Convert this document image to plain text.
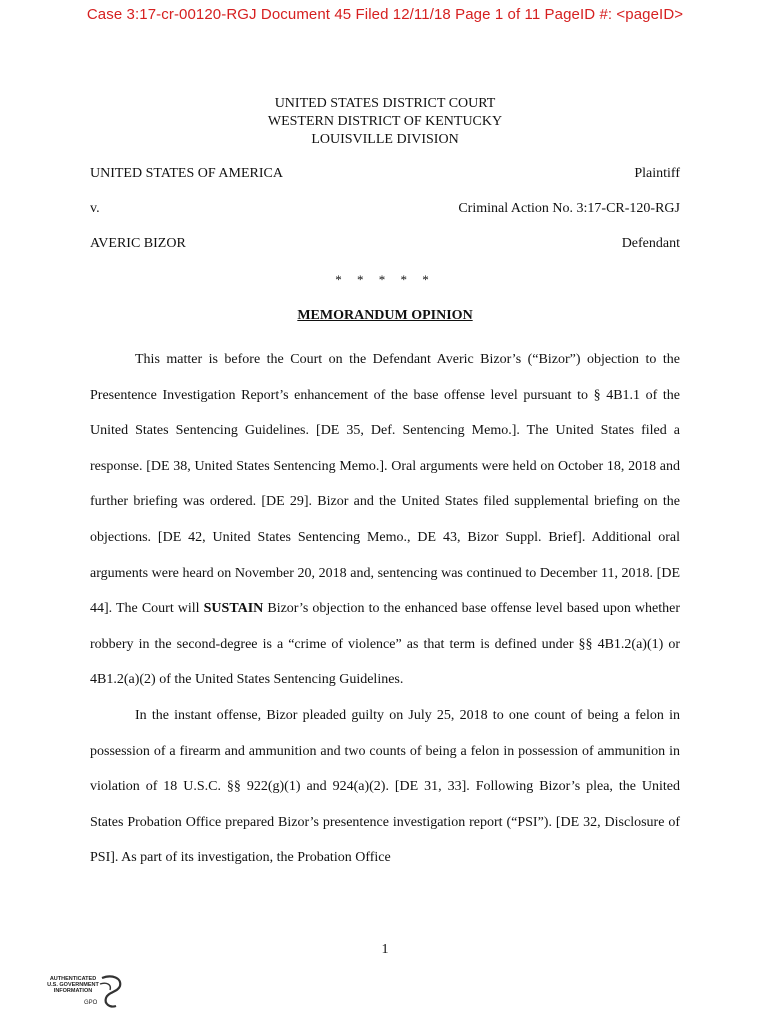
Case 3:17-cr-00120-RGJ Document 45 Filed 12/11/18 Page 1 of 11 PageID #: <pageID>
UNITED STATES DISTRICT COURT
WESTERN DISTRICT OF KENTUCKY
LOUISVILLE DIVISION
UNITED STATES OF AMERICA	Plaintiff
v.	Criminal Action No. 3:17-CR-120-RGJ
AVERIC BIZOR	Defendant
* * * * *
MEMORANDUM OPINION

This matter is before the Court on the Defendant Averic Bizor’s (“Bizor”) objection to the Presentence Investigation Report’s enhancement of the base offense level pursuant to § 4B1.1 of the United States Sentencing Guidelines. [DE 35, Def. Sentencing Memo.]. The United States filed a response. [DE 38, United States Sentencing Memo.]. Oral arguments were held on October 18, 2018 and further briefing was ordered. [DE 29]. Bizor and the United States filed supplemental briefing on the objections. [DE 42, United States Sentencing Memo., DE 43, Bizor Suppl. Brief]. Additional oral arguments were heard on November 20, 2018 and, sentencing was continued to December 11, 2018. [DE 44]. The Court will SUSTAIN Bizor’s objection to the enhanced base offense level based upon whether robbery in the second-degree is a “crime of violence” as that term is defined under §§ 4B1.2(a)(1) or 4B1.2(a)(2) of the United States Sentencing Guidelines.

In the instant offense, Bizor pleaded guilty on July 25, 2018 to one count of being a felon in possession of a firearm and ammunition and two counts of being a felon in possession of ammunition in violation of 18 U.S.C. §§ 922(g)(1) and 924(a)(2). [DE 31, 33]. Following Bizor’s plea, the United States Probation Office prepared Bizor’s presentence investigation report (“PSI”). [DE 32, Disclosure of PSI]. As part of its investigation, the Probation Office

1
AUTHENTICATED
U.S. GOVERNMENT
INFORMATION
GPO
